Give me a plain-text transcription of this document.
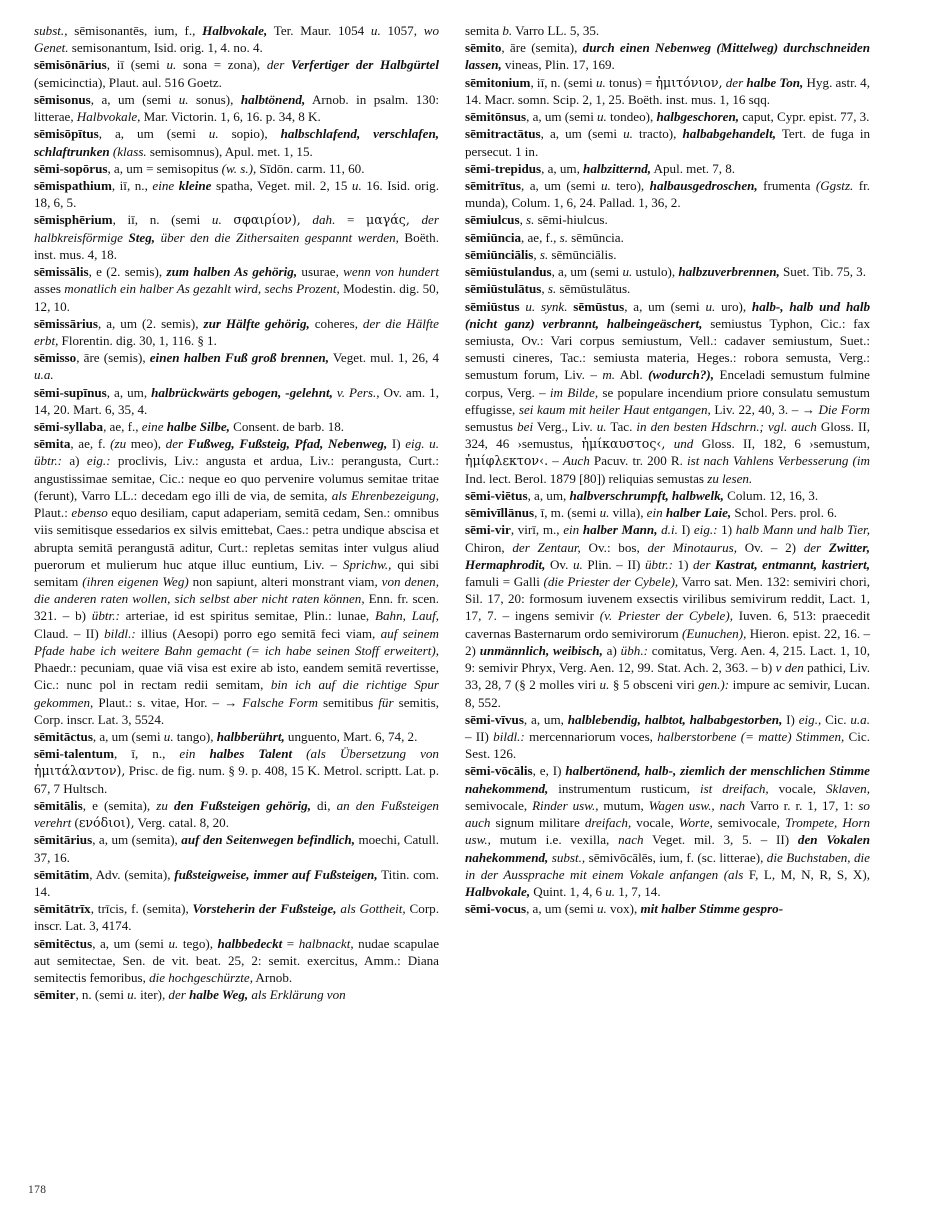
subst., sēmisonantēs, ium, f., Halbvokale, Ter. Maur. 1054 u. 1057, wo Genet. semisonantum, Isid. orig. 1, 4. no. 4.

sēmisōnārius, iī (semi u. sona = zona), der Verfertiger der Halbgürtel (semicinctia), Plaut. aul. 516 Goetz.

sēmisonus, a, um (semi u. sonus), halbtönend, Arnob. in psalm. 130: litterae, Halbvokale, Mar. Victorin. 1, 6, 16. p. 34, 8 K.

sēmisōpītus, a, um (semi u. sopio), halbschlafend, verschlafen, schlaftrunken (klass. semisomnus), Apul. met. 1, 15.

sēmi-sopōrus, a, um = semisopitus (w. s.), Sīdōn. carm. 11, 60.

sēmispathium, iī, n., eine kleine spatha, Veget. mil. 2, 15 u. 16. Isid. orig. 18, 6, 5.

sēmisphērium, iī, n. (semi u. σφαιρίον), dah. = μαγάς, der halbkreisförmige Steg, über den die Zithersaiten gespannt werden, Boëth. inst. mus. 4, 18.

sēmissālis, e (2. semis), zum halben As gehörig, usurae, wenn von hundert asses monatlich ein halber As gezahlt wird, sechs Prozent, Modestin. dig. 50, 12, 10.

sēmissārius, a, um (2. semis), zur Hälfte gehörig, coheres, der die Hälfte erbt, Florentin. dig. 30, 1, 116. § 1.

sēmisso, āre (semis), einen halben Fuß groß brennen, Veget. mul. 1, 26, 4 u.a.

sēmi-supīnus, a, um, halbrückwärts gebogen, -gelehnt, v. Pers., Ov. am. 1, 14, 20. Mart. 6, 35, 4.

sēmi-syllaba, ae, f., eine halbe Silbe, Consent. de barb. 18.

sēmita, ae, f. (zu meo), der Fußweg, Fußsteig, Pfad, Nebenweg, I) eig. u. übtr.: a) eig.: proclivis, Liv.: angusta et ardua, Liv.: perangusta, Curt.: angustissimae semitae, Cic.: neque eo quo pervenire volumus semitae tritae (ferunt), Varro LL.: decedam ego illi de via, de semita, als Ehrenbezeigung, Plaut.: ebenso equo desiliam, caput adaperiam, semitā cedam, Sen.: omnibus viis semitisque essedarios ex silvis emittebat, Caes.: petra undique abscisa et abrupta semitā perangustā aditur, Curt.: repletas semitas inter vulgus aliud puerorum et mulierum huc atque illuc euntium, Liv. – Sprichw., qui sibi semitam (ihren eigenen Weg) non sapiunt, alteri monstrant viam, von denen, die anderen raten wollen, sich selbst aber nicht raten können, Enn. fr. scen. 321. – b) übtr.: arteriae, id est spiritus semitae, Plin.: lunae, Bahn, Lauf, Claud. – II) bildl.: illius (Aesopi) porro ego semitā feci viam, auf seinem Pfade habe ich weitere Bahn gemacht (= ich habe seinen Stoff erweitert), Phaedr.: pecuniam, quae viā visa est exire ab isto, eandem semitā revertisse, Cic.: nunc pol in rectam redii semitam, bin ich auf die richtige Spur gekommen, Plaut.: s. vitae, Hor. – → Falsche Form semitibus für semitis, Corp. inscr. Lat. 3, 5524.

sēmitāctus, a, um (semi u. tango), halbberührt, unguento, Mart. 6, 74, 2.

sēmi-talentum, ī, n., ein halbes Talent (als Übersetzung von ἡμιτάλαντον), Prisc. de fig. num. § 9. p. 408, 15 K. Metrol. scriptt. Lat. p. 67, 7 Hultsch.

sēmitālis, e (semita), zu den Fußsteigen gehörig, di, an den Fußsteigen verehrt (ενόδιοι), Verg. catal. 8, 20.

sēmitārius, a, um (semita), auf den Seitenwegen befindlich, moechi, Catull. 37, 16.

sēmitātim, Adv. (semita), fußsteigweise, immer auf Fußsteigen, Titin. com. 14.

sēmitātrīx, trīcis, f. (semita), Vorsteherin der Fußsteige, als Gottheit, Corp. inscr. Lat. 3, 4174.

sēmitēctus, a, um (semi u. tego), halbbedeckt = halbnackt, nudae scapulae aut semitectae, Sen. de vit. beat. 25, 2: semit. exercitus, Amm.: Diana semitectis femoribus, die hochgeschürzte, Arnob.

sēmiter, n. (semi u. iter), der halbe Weg, als Erklärung von

semita b. Varro LL. 5, 35.

sēmito, āre (semita), durch einen Nebenweg (Mittelweg) durchschneiden lassen, vineas, Plin. 17, 169.

sēmitonium, iī, n. (semi u. tonus) = ἡμιτόνιον, der halbe Ton, Hyg. astr. 4, 14. Macr. somn. Scip. 2, 1, 25. Boëth. inst. mus. 1, 16 sqq.

sēmitōnsus, a, um (semi u. tondeo), halbgeschoren, caput, Cypr. epist. 77, 3.

sēmitractātus, a, um (semi u. tracto), halbabgehandelt, Tert. de fuga in persecut. 1 in.

sēmi-trepidus, a, um, halbzitternd, Apul. met. 7, 8.

sēmitrītus, a, um (semi u. tero), halbausgedroschen, frumenta (Ggstz. fr. munda), Colum. 1, 6, 24. Pallad. 1, 36, 2.

sēmiulcus, s. sēmi-hiulcus.

sēmiūncia, ae, f., s. sēmūncia.

sēmiūnciālis, s. sēmūnciālis.

sēmiūstulandus, a, um (semi u. ustulo), halbzuverbrennen, Suet. Tib. 75, 3.

sēmiūstulātus, s. sēmūstulātus.

sēmiūstus u. synk. sēmūstus, a, um (semi u. uro), halb-, halb und halb (nicht ganz) verbrannt, halbeingeäschert, semiustus Typhon, Cic.: fax semiusta, Ov.: Vari corpus semiustum, Vell.: cadaver semiustum, Suet.: semusti cineres, Tac.: semiusta materia, Heges.: robora semusta, Verg.: semustum forum, Liv. – m. Abl. (wodurch?), Enceladi semustum fulmine corpus, Verg. – im Bilde, se populare incendium priore consulatu semustum effugisse, sei kaum mit heiler Haut entgangen, Liv. 22, 40, 3. – → Die Form semustus bei Verg., Liv. u. Tac. in den besten Hdschrn.; vgl. auch Gloss. II, 324, 46 ›semustus, ἡμίκαυστος‹, und Gloss. II, 182, 6 ›semustum, ἡμίφλεκτον‹. – Auch Pacuv. tr. 200 R. ist nach Vahlens Verbesserung (im Ind. lect. Berol. 1879 [80]) reliquias semustas zu lesen.

sēmi-viētus, a, um, halbverschrumpft, halbwelk, Colum. 12, 16, 3.

sēmivīllānus, ī, m. (semi u. villa), ein halber Laie, Schol. Pers. prol. 6.

sēmi-vir, virī, m., ein halber Mann, d.i. I) eig.: 1) halb Mann und halb Tier, Chiron, der Zentaur, Ov.: bos, der Minotaurus, Ov. – 2) der Zwitter, Hermaphrodit, Ov. u. Plin. – II) übtr.: 1) der Kastrat, entmannt, kastriert, famuli = Galli (die Priester der Cybele), Varro sat. Men. 132: semiviri chori, Sil. 17, 20: formosum iuvenem exsectis virilibus semivirum reddit, Lact. 1, 17, 7. – ingens semivir (v. Priester der Cybele), Iuven. 6, 513: praecedit cavernas Basternarum ordo semivirorum (Eunuchen), Hieron. epist. 22, 16. – 2) unmännlich, weibisch, a) übh.: comitatus, Verg. Aen. 4, 215. Lact. 1, 10, 9: semivir Phryx, Verg. Aen. 12, 99. Stat. Ach. 2, 363. – b) v den pathici, Liv. 33, 28, 7 (§ 2 molles viri u. § 5 obsceni viri gen.): impure ac semivir, Lucan. 8, 552.

sēmi-vīvus, a, um, halblebendig, halbtot, halbabgestorben, I) eig., Cic. u.a. – II) bildl.: mercennariorum voces, halberstorbene (= matte) Stimmen, Cic. Sest. 126.

sēmi-vōcālis, e, I) halbertönend, halb-, ziemlich der menschlichen Stimme nahekommend, instrumentum rusticum, ist dreifach, vocale, Sklaven, semivocale, Rinder usw., mutum, Wagen usw., nach Varro r. r. 1, 17, 1: so auch signum militare dreifach, vocale, Worte, semivocale, Trompete, Horn usw., mutum i.e. vexilla, nach Veget. mil. 3, 5. – II) den Vokalen nahekommend, subst., sēmivōcālēs, ium, f. (sc. litterae), die Buchstaben, die in der Aussprache mit einem Vokale anfangen (als F, L, M, N, R, S, X), Halbvokale, Quint. 1, 4, 6 u. 1, 7, 14.

sēmi-vocus, a, um (semi u. vox), mit halber Stimme gespro-

178
